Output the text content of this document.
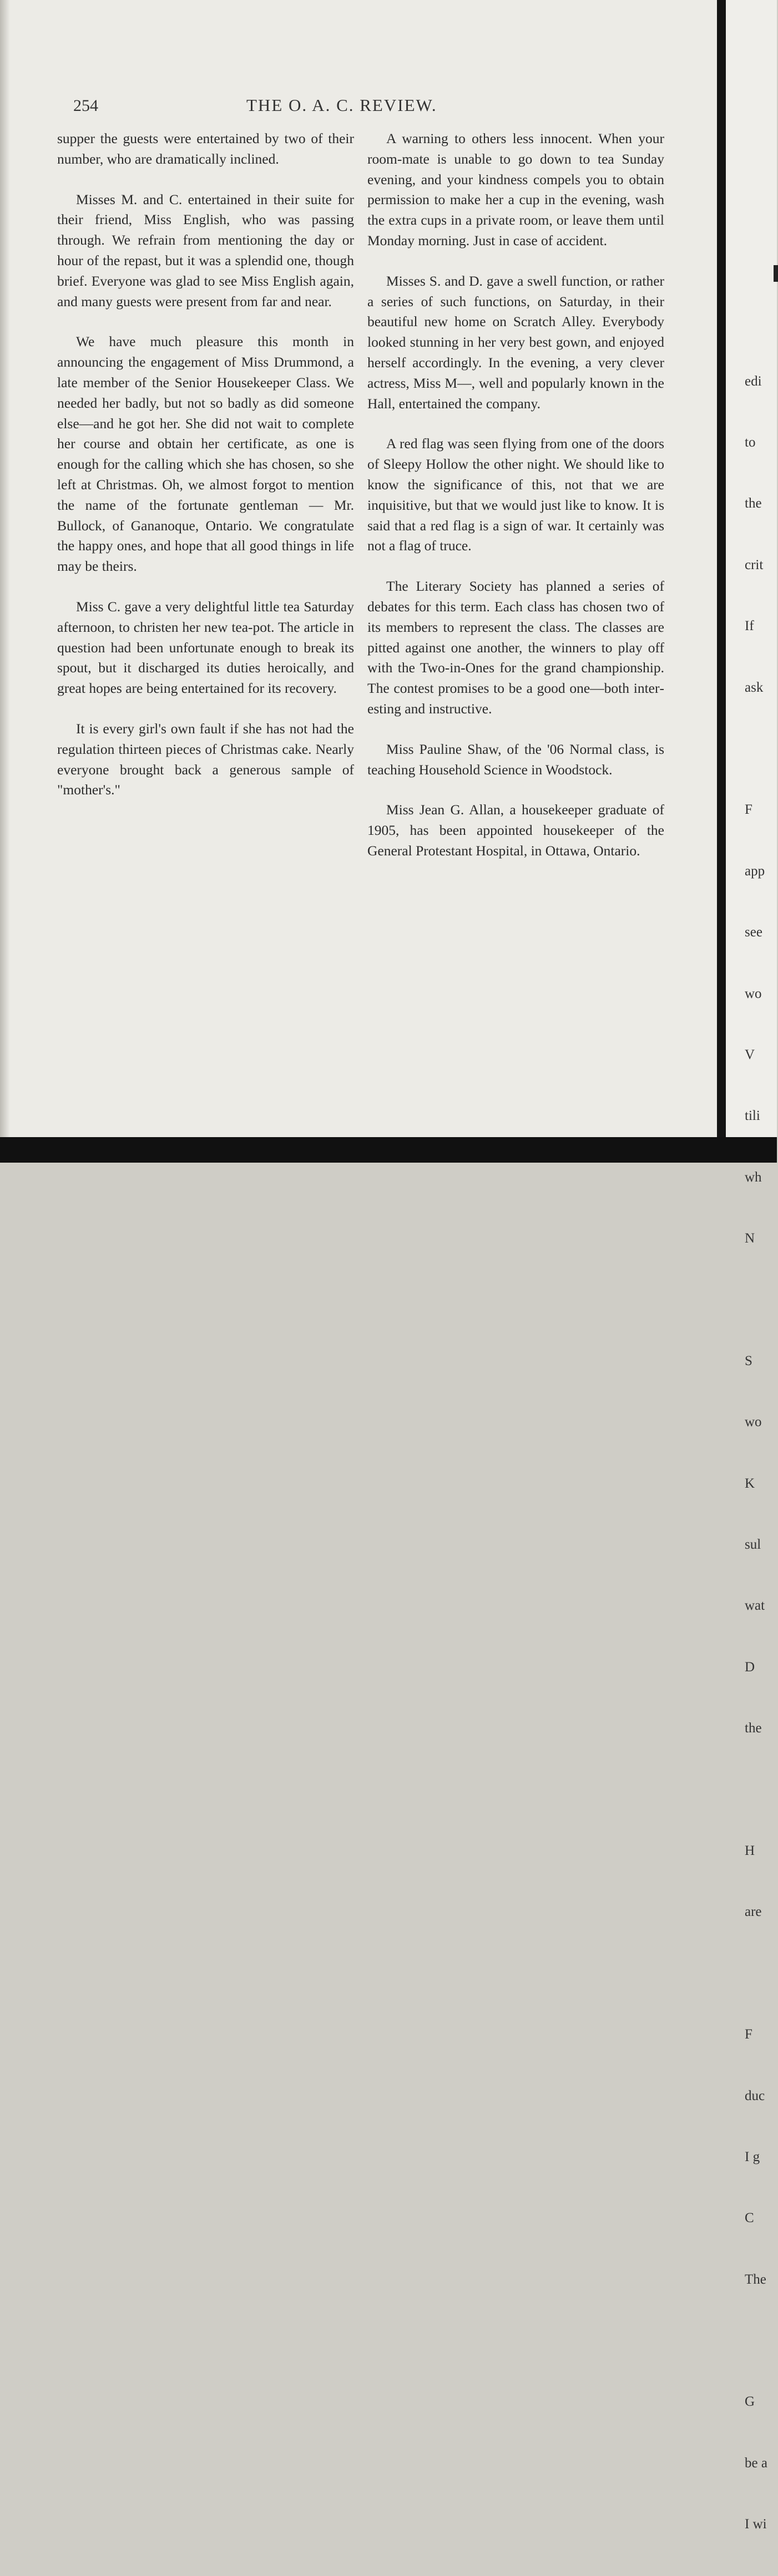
254	THE O. A. C. REVIEW.

supper the guests were entertained by two of their number, who are dramatically inclined.

Misses M. and C. entertained in their suite for their friend, Miss English, who was passing through. We refrain from mentioning the day or hour of the repast, but it was a splendid one, though brief. Everyone was glad to see Miss English again, and many guests were present from far and near.

We have much pleasure this month in announcing the engagement of Miss Drummond, a late member of the Senior Housekeeper Class. We needed her badly, but not so badly as did someone else—and he got her. She did not wait to complete her course and obtain her certificate, as one is enough for the calling which she has chosen, so she left at Christmas. Oh, we almost forgot to mention the name of the fortunate gentleman — Mr. Bullock, of Gananoque, Ontario. We congratulate the happy ones, and hope that all good things in life may be theirs.

Miss C. gave a very delightful little tea Saturday afternoon, to christen her new tea-pot. The article in question had been unfortunate enough to break its spout, but it discharged its duties heroically, and great hopes are being entertained for its recovery.

It is every girl's own fault if she has not had the regulation thirteen pieces of Christmas cake. Nearly everyone brought back a generous sample of "mother's."

A warning to others less innocent. When your room-mate is unable to go down to tea Sunday evening, and your kindness compels you to obtain permission to make her a cup in the evening, wash the extra cups in a private room, or leave them until Monday morning. Just in case of accident.

Misses S. and D. gave a swell function, or rather a series of such functions, on Saturday, in their beautiful new home on Scratch Alley. Everybody looked stunning in her very best gown, and enjoyed herself accordingly. In the evening, a very clever actress, Miss M—, well and popularly known in the Hall, entertained the company.

A red flag was seen flying from one of the doors of Sleepy Hollow the other night. We should like to know the significance of this, not that we are inquisitive, but that we would just like to know. It is said that a red flag is a sign of war. It certainly was not a flag of truce.

The Literary Society has planned a series of debates for this term. Each class has chosen two of its members to represent the class. The classes are pitted against one another, the winners to play off with the Two-in-Ones for the grand championship. The contest promises to be a good one—both interesting and instructive.

Miss Pauline Shaw, of the '06 Normal class, is teaching Household Science in Woodstock.

Miss Jean G. Allan, a housekeeper graduate of 1905, has been appointed housekeeper of the General Protestant Hospital, in Ottawa, Ontario.

edi

to

the

crit

If

ask

F

app

see

wo

V

tili

wh

N

S

wo

K

sul

wat

D

the

H

are

F

duc

I g

C

The

G

be a

I wi
